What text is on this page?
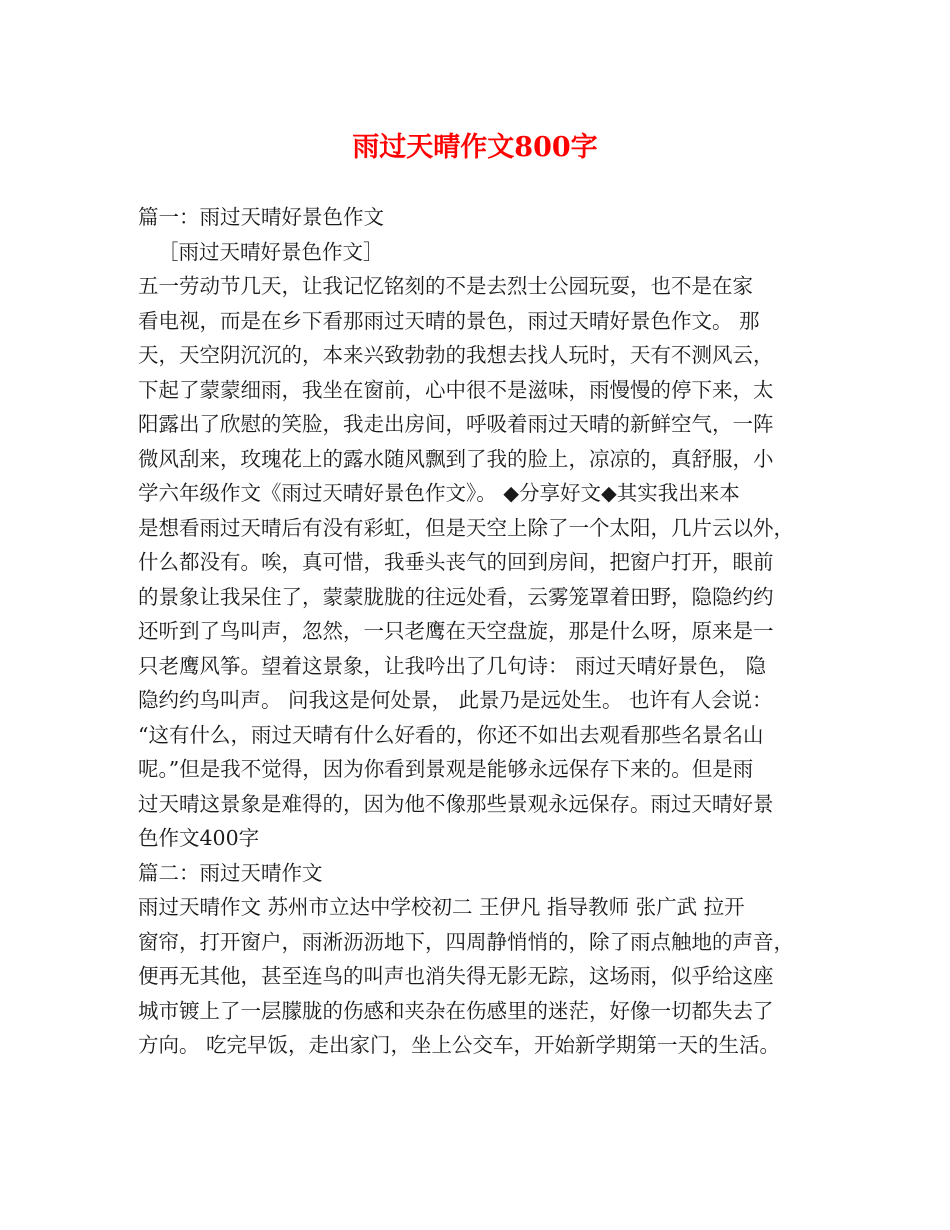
雨过天晴作文800字
篇一：雨过天晴好景色作文
［雨过天晴好景色作文］
五一劳动节几天，让我记忆铭刻的不是去烈士公园玩耍，也不是在家
看电视，而是在乡下看那雨过天晴的景色，雨过天晴好景色作文。 那
天，天空阴沉沉的，本来兴致勃勃的我想去找人玩时，天有不测风云，
下起了蒙蒙细雨，我坐在窗前，心中很不是滋味，雨慢慢的停下来，太
阳露出了欣慰的笑脸，我走出房间，呼吸着雨过天晴的新鲜空气，一阵
微风刮来，玫瑰花上的露水随风飘到了我的脸上，凉凉的，真舒服，小
学六年级作文《雨过天晴好景色作文》。 ◆分享好文◆其实我出来本
是想看雨过天晴后有没有彩虹，但是天空上除了一个太阳，几片云以外，
什么都没有。唉，真可惜，我垂头丧气的回到房间，把窗户打开，眼前
的景象让我呆住了，蒙蒙胧胧的往远处看，云雾笼罩着田野，隐隐约约
还听到了鸟叫声，忽然，一只老鹰在天空盘旋，那是什么呀，原来是一
只老鹰风筝。望着这景象，让我吟出了几句诗： 雨过天晴好景色， 隐
隐约约鸟叫声。 问我这是何处景， 此景乃是远处生。 也许有人会说：
“这有什么，雨过天晴有什么好看的，你还不如出去观看那些名景名山
呢。”但是我不觉得，因为你看到景观是能够永远保存下来的。但是雨
过天晴这景象是难得的，因为他不像那些景观永远保存。雨过天晴好景
色作文400字
篇二：雨过天晴作文
雨过天晴作文 苏州市立达中学校初二 王伊凡 指导教师 张广武 拉开
窗帘，打开窗户，雨淅沥沥地下，四周静悄悄的，除了雨点触地的声音，
便再无其他，甚至连鸟的叫声也消失得无影无踪，这场雨，似乎给这座
城市镀上了一层朦胧的伤感和夹杂在伤感里的迷茫，好像一切都失去了
方向。 吃完早饭，走出家门，坐上公交车，开始新学期第一天的生活。
